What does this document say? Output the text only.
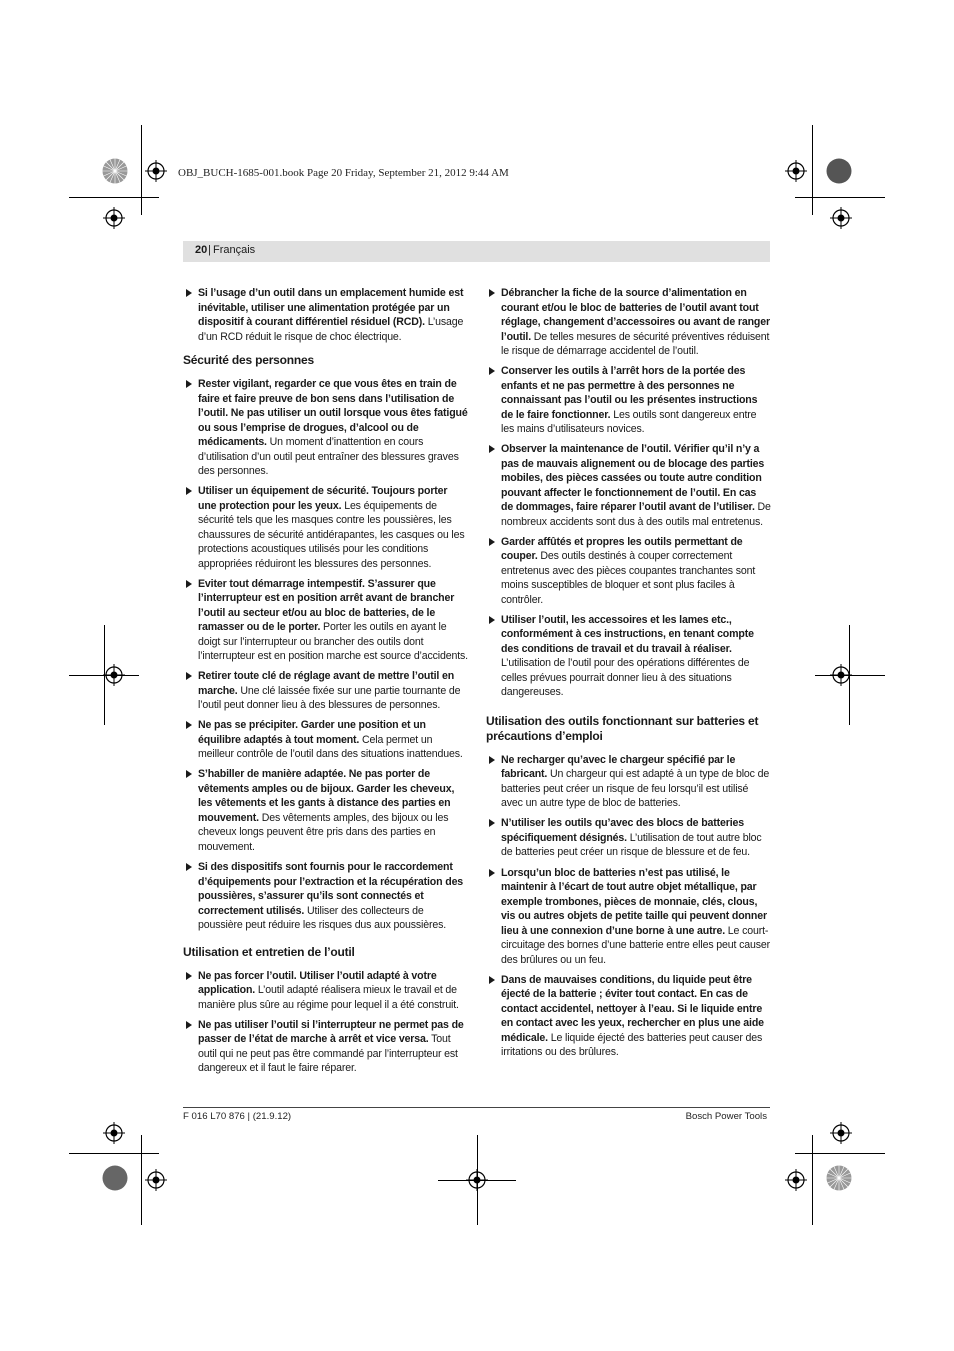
OBJ_BUCH-1685-001.book Page 20 Friday, September 21, 2012 9:44 AM
20 | Français
Si l’usage d’un outil dans un emplacement humide est inévitable, utiliser une alimentation protégée par un dispositif à courant différentiel résiduel (RCD). L’usage d’un RCD réduit le risque de choc électrique.
Sécurité des personnes
Rester vigilant, regarder ce que vous êtes en train de faire et faire preuve de bon sens dans l’utilisation de l’outil. Ne pas utiliser un outil lorsque vous êtes fatigué ou sous l’emprise de drogues, d’alcool ou de médicaments. Un moment d’inattention en cours d’utilisation d’un outil peut entraîner des blessures graves des personnes.
Utiliser un équipement de sécurité. Toujours porter une protection pour les yeux. Les équipements de sécurité tels que les masques contre les poussières, les chaussures de sécurité antidérapantes, les casques ou les protections acoustiques utilisés pour les conditions appropriées réduiront les blessures des personnes.
Eviter tout démarrage intempestif. S’assurer que l’interrupteur est en position arrêt avant de brancher l’outil au secteur et/ou au bloc de batteries, de le ramasser ou de le porter. Porter les outils en ayant le doigt sur l’interrupteur ou brancher des outils dont l’interrupteur est en position marche est source d’accidents.
Retirer toute clé de réglage avant de mettre l’outil en marche. Une clé laissée fixée sur une partie tournante de l’outil peut donner lieu à des blessures de personnes.
Ne pas se précipiter. Garder une position et un équilibre adaptés à tout moment. Cela permet un meilleur contrôle de l’outil dans des situations inattendues.
S’habiller de manière adaptée. Ne pas porter de vêtements amples ou de bijoux. Garder les cheveux, les vêtements et les gants à distance des parties en mouvement. Des vêtements amples, des bijoux ou les cheveux longs peuvent être pris dans des parties en mouvement.
Si des dispositifs sont fournis pour le raccordement d’équipements pour l’extraction et la récupération des poussières, s’assurer qu’ils sont connectés et correctement utilisés. Utiliser des collecteurs de poussière peut réduire les risques dus aux poussières.
Utilisation et entretien de l’outil
Ne pas forcer l’outil. Utiliser l’outil adapté à votre application. L’outil adapté réalisera mieux le travail et de manière plus sûre au régime pour lequel il a été construit.
Ne pas utiliser l’outil si l’interrupteur ne permet pas de passer de l’état de marche à arrêt et vice versa. Tout outil qui ne peut pas être commandé par l’interrupteur est dangereux et il faut le faire réparer.
Débrancher la fiche de la source d’alimentation en courant et/ou le bloc de batteries de l’outil avant tout réglage, changement d’accessoires ou avant de ranger l’outil. De telles mesures de sécurité préventives réduisent le risque de démarrage accidentel de l’outil.
Conserver les outils à l’arrêt hors de la portée des enfants et ne pas permettre à des personnes ne connaissant pas l’outil ou les présentes instructions de le faire fonctionner. Les outils sont dangereux entre les mains d’utilisateurs novices.
Observer la maintenance de l’outil. Vérifier qu’il n’y a pas de mauvais alignement ou de blocage des parties mobiles, des pièces cassées ou toute autre condition pouvant affecter le fonctionnement de l’outil. En cas de dommages, faire réparer l’outil avant de l’utiliser. De nombreux accidents sont dus à des outils mal entretenus.
Garder affûtés et propres les outils permettant de couper. Des outils destinés à couper correctement entretenus avec des pièces coupantes tranchantes sont moins susceptibles de bloquer et sont plus faciles à contrôler.
Utiliser l’outil, les accessoires et les lames etc., conformément à ces instructions, en tenant compte des conditions de travail et du travail à réaliser. L’utilisation de l’outil pour des opérations différentes de celles prévues pourrait donner lieu à des situations dangereuses.
Utilisation des outils fonctionnant sur batteries et précautions d’emploi
Ne recharger qu’avec le chargeur spécifié par le fabricant. Un chargeur qui est adapté à un type de bloc de batteries peut créer un risque de feu lorsqu’il est utilisé avec un autre type de bloc de batteries.
N’utiliser les outils qu’avec des blocs de batteries spécifiquement désignés. L’utilisation de tout autre bloc de batteries peut créer un risque de blessure et de feu.
Lorsqu’un bloc de batteries n’est pas utilisé, le maintenir à l’écart de tout autre objet métallique, par exemple trombones, pièces de monnaie, clés, clous, vis ou autres objets de petite taille qui peuvent donner lieu à une connexion d’une borne à une autre. Le court-circuitage des bornes d’une batterie entre elles peut causer des brûlures ou un feu.
Dans de mauvaises conditions, du liquide peut être éjecté de la batterie ; éviter tout contact. En cas de contact accidentel, nettoyer à l’eau. Si le liquide entre en contact avec les yeux, rechercher en plus une aide médicale. Le liquide éjecté des batteries peut causer des irritations ou des brûlures.
F 016 L70 876 | (21.9.12)	Bosch Power Tools
